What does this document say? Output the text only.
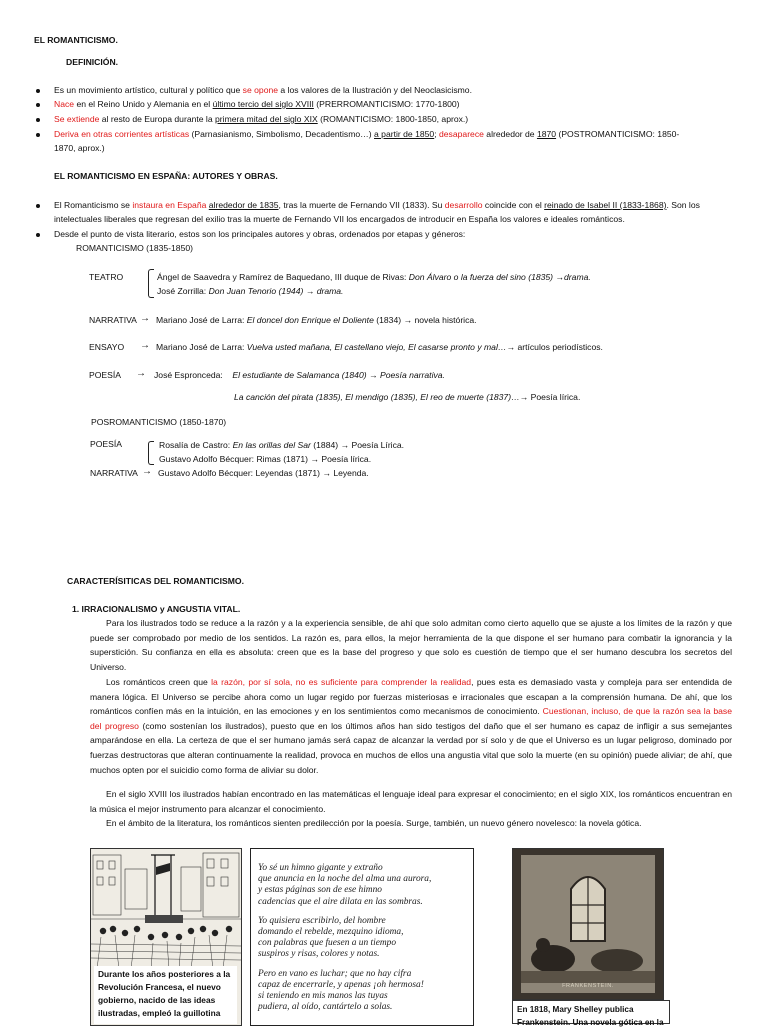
EL ROMANTICISMO.
DEFINICIÓN.
Es un movimiento artístico, cultural y político que se opone a los valores de la Ilustración y del Neoclasicismo.
Nace en el Reino Unido y Alemania en el último tercio del siglo XVIII (PRERROMANTICISMO: 1770-1800)
Se extiende al resto de Europa durante la primera mitad del siglo XIX (ROMANTICISMO: 1800-1850, aprox.)
Deriva en otras corrientes artísticas (Parnasianismo, Simbolismo, Decadentismo…) a partir de 1850; desaparece alrededor de 1870 (POSTROMANTICISMO: 1850-
1870, aprox.)
EL ROMANTICISMO EN ESPAÑA: AUTORES Y OBRAS.
El Romanticismo se instaura en España alrededor de 1835, tras la muerte de Fernando VII (1833). Su desarrollo coincide con el reinado de Isabel II (1833-1868). Son los
intelectuales liberales que regresan del exilio tras la muerte de Fernando VII los encargados de introducir en España los valores e ideales románticos.
Desde el punto de vista literario, estos son los principales autores y obras, ordenados por etapas y géneros:
ROMANTICISMO (1835-1850)
TEATRO	Ángel de Saavedra y Ramírez de Baquedano, III duque de Rivas: Don Álvaro o la fuerza del sino (1835) →drama.
José Zorrilla: Don Juan Tenorio (1944) → drama.
NARRATIVA → Mariano José de Larra: El doncel don Enrique el Doliente (1834) → novela histórica.
ENSAYO → Mariano José de Larra: Vuelva usted mañana, El castellano viejo, El casarse pronto y mal…→ artículos periodísticos.
POESÍA → José Espronceda:    El estudiante de Salamanca (1840) → Poesía narrativa.
La canción del pirata (1835), El mendigo (1835), El reo de muerte (1837)…→ Poesía lírica.
POSROMANTICISMO (1850-1870)
POESÍA	Rosalía de Castro: En las orillas del Sar (1884) → Poesía Lírica.
Gustavo Adolfo Bécquer: Rimas (1871) → Poesía lírica.
NARRATIVA → Gustavo Adolfo Bécquer: Leyendas (1871) → Leyenda.
CARACTERÍSITICAS DEL ROMANTICISMO.
1. IRRACIONALISMO y ANGUSTIA VITAL.
Para los ilustrados todo se reduce a la razón y a la experiencia sensible, de ahí que solo admitan como cierto aquello que se ajuste a los límites de la razón y que puede ser comprobado por medio de los sentidos. La razón es, para ellos, la mejor herramienta de la que dispone el ser humano para combatir la ignorancia y la superstición. Su confianza en ella es absoluta: creen que es la base del progreso y que solo es cuestión de tiempo que el ser humano descubra los secretos del Universo.
Los románticos creen que la razón, por sí sola, no es suficiente para comprender la realidad, pues esta es demasiado vasta y compleja para ser entendida de manera lógica. El Universo se percibe ahora como un lugar regido por fuerzas misteriosas e irracionales que escapan a la comprensión humana. De ahí, que los románticos confíen más en la intuición, en las emociones y en los sentimientos como mecanismos de conocimiento. Cuestionan, incluso, de que la razón sea la base del progreso (como sostenían los ilustrados), puesto que en los últimos años han sido testigos del daño que el ser humano es capaz de infligir a sus semejantes amparándose en ella. La certeza de que el ser humano jamás será capaz de alcanzar la verdad por sí solo y de que el Universo es un lugar peligroso, dominado por fuerzas destructoras que alteran continuamente la realidad, provoca en muchos de ellos una angustia vital que solo la muerte (en su opinión) puede aliviar; de ahí, que muchos opten por el suicidio como forma de aliviar su dolor.
En el siglo XVIII los ilustrados habían encontrado en las matemáticas el lenguaje ideal para expresar el conocimiento; en el siglo XIX, los románticos encuentran en la música el mejor instrumento para alcanzar el conocimiento.
En el ámbito de la literatura, los románticos sienten predilección por la poesía. Surge, también, un nuevo género novelesco: la novela gótica.
Durante los años posteriores a la Revolución Francesa, el nuevo gobierno, nacido de las ideas ilustradas, empleó la guillotina
Yo sé un himno gigante y extraño
que anuncia en la noche del alma una aurora,
y estas páginas son de ese himno
cadencias que el aire dilata en las sombras.
Yo quisiera escribirlo, del hombre
domando el rebelde, mezquino idioma,
con palabras que fuesen a un tiempo
suspiros y risas, colores y notas.
Pero en vano es luchar; que no hay cifra
capaz de encerrarle, y apenas ¡oh hermosa!
si teniendo en mis manos las tuyas
pudiera, al oído, cantártelo a solas.
FRANKENSTEIN.
En 1818, Mary Shelley publica Frankenstein. Una novela gótica en la
